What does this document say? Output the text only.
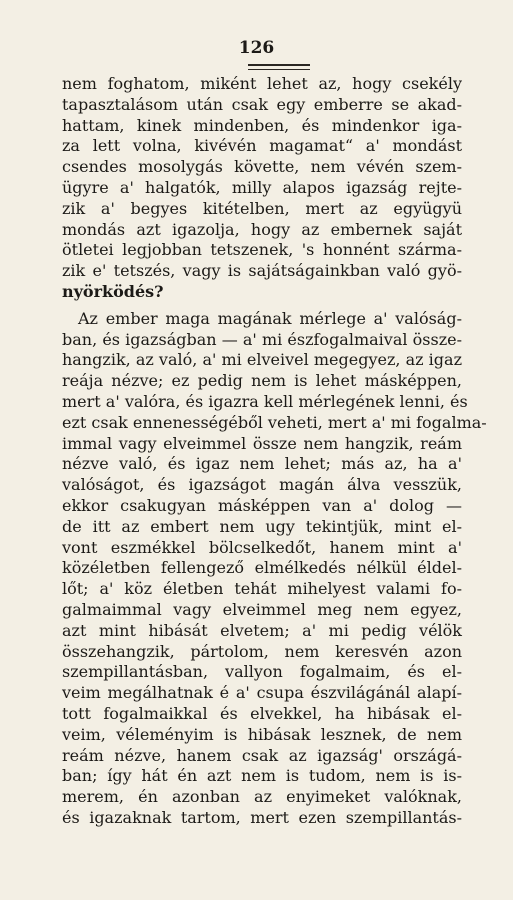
126
nem foghatom, miként lehet az, hogy csekély
tapasztalásom után csak egy emberre se akad-
hattam, kinek mindenben, és mindenkor iga-
za lett volna, kivévén magamat“ a' mondást
csendes mosolygás követte, nem vévén szem-
ügyre a' halgatók, milly alapos igazság rejte-
zik a' begyes kitételben, mert az együgyü
mondás azt igazolja, hogy az embernek saját
ötletei legjobban tetszenek, 's honnént szárma-
zik e' tetszés, vagy is sajátságainkban való gyö-
nyörködés?
Az ember maga magának mérlege a' valóság-
ban, és igazságban — a' mi észfogalmaival össze-
hangzik, az való, a' mi elveivel megegyez, az igaz
reája nézve; ez pedig nem is lehet másképpen,
mert a' valóra, és igazra kell mérlegének lenni, és
ezt csak ennenességéből veheti, mert a' mi fogalma-
immal vagy elveimmel össze nem hangzik, reám
nézve való, és igaz nem lehet; más az, ha a'
valóságot, és igazságot magán álva vesszük,
ekkor csakugyan másképpen van a' dolog —
de itt az embert nem ugy tekintjük, mint el-
vont eszmékkel bölcselkedőt, hanem mint a'
közéletben fellengező elmélkedés nélkül éldel-
lőt; a' köz életben tehát mihelyest valami fo-
galmaimmal vagy elveimmel meg nem egyez,
azt mint hibását elvetem; a' mi pedig vélök
összehangzik, pártolom, nem keresvén azon
szempillantásban, vallyon fogalmaim, és el-
veim megálhatnak é a' csupa észvilágánál alapí-
tott fogalmaikkal és elvekkel, ha hibásak el-
veim, véleményim is hibásak lesznek, de nem
reám nézve, hanem csak az igazság' országá-
ban; így hát én azt nem is tudom, nem is is-
merem, én azonban az enyimeket valóknak,
és igazaknak tartom, mert ezen szempillantás-
